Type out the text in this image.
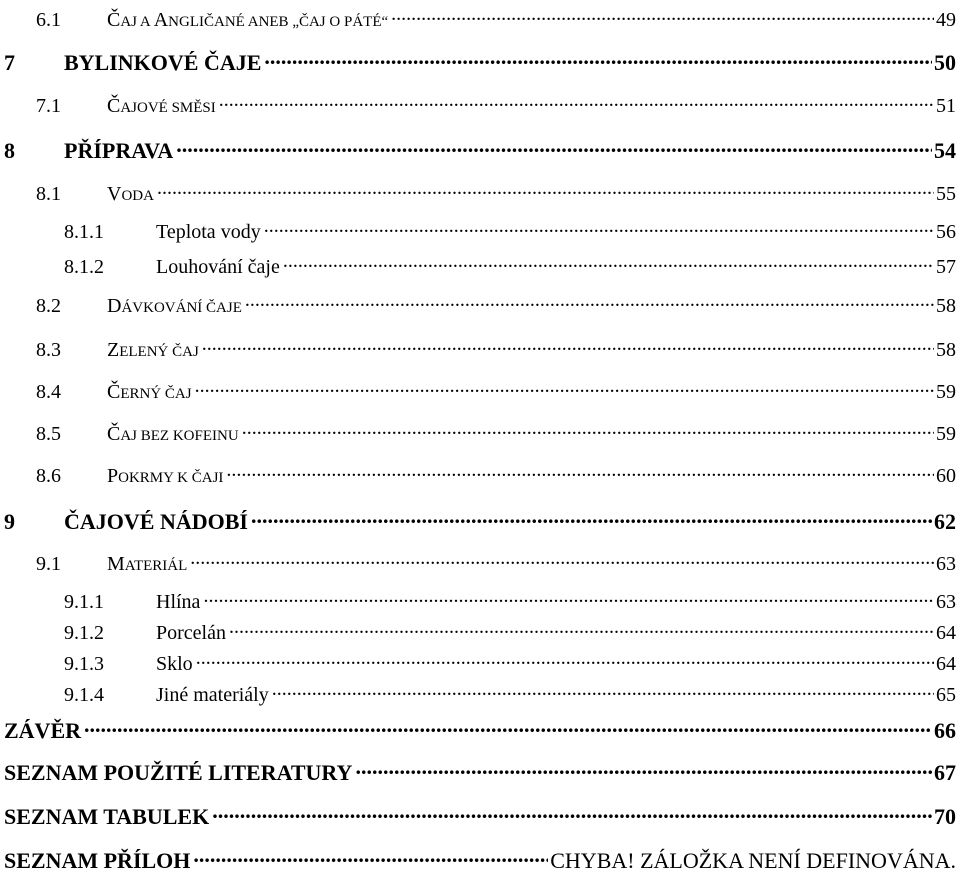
6.1	ČAJ A ANGLIČANÉ ANEB „ČAJ O PÁTÉ“ .....	49
7	BYLINKOVÉ ČAJE .....	50
7.1	ČAJOVÉ SMĚSI .....	51
8	PŘÍPRAVA .....	54
8.1	VODA .....	55
8.1.1	Teplota vody .....	56
8.1.2	Louhování čaje .....	57
8.2	DÁVKOVÁNÍ ČAJE .....	58
8.3	ZELENÝ ČAJ .....	58
8.4	ČERNÝ ČAJ .....	59
8.5	ČAJ BEZ KOFEINU .....	59
8.6	POKRMY K ČAJI .....	60
9	ČAJOVÉ NÁDOBÍ .....	62
9.1	MATERIÁL .....	63
9.1.1	Hlína .....	63
9.1.2	Porcelán .....	64
9.1.3	Sklo .....	64
9.1.4	Jiné materiály .....	65
ZÁVĚR .....	66
SEZNAM POUŽITÉ LITERATURY .....	67
SEZNAM TABULEK .....	70
SEZNAM PŘÍLOH .....	CHYBA! ZÁLOŽKA NENÍ DEFINOVÁNA.
